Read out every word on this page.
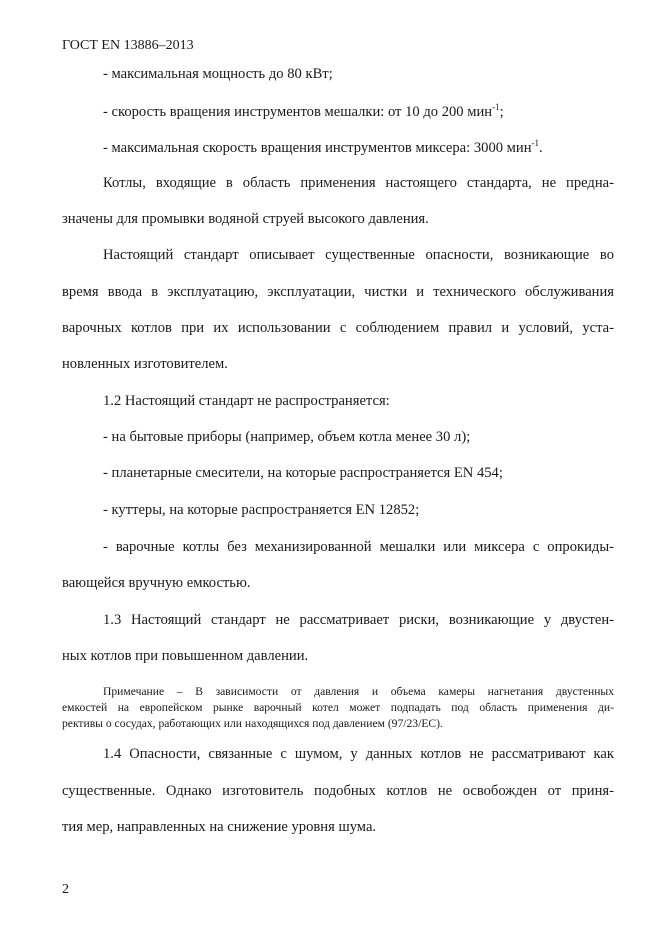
ГОСТ EN 13886–2013
- максимальная мощность до 80 кВт;
- скорость вращения инструментов мешалки: от 10 до 200 мин$^{-1}$;
- максимальная скорость вращения инструментов миксера: 3000 мин$^{-1}$.
Котлы, входящие в область применения настоящего стандарта, не предна-
значены для промывки водяной струей высокого давления.
Настоящий стандарт описывает существенные опасности, возникающие во
время ввода в эксплуатацию, эксплуатации, чистки и технического обслуживания
варочных котлов при их использовании с соблюдением правил и условий, уста-
новленных изготовителем.
1.2 Настоящий стандарт не распространяется:
- на бытовые приборы (например, объем котла менее 30 л);
- планетарные смесители, на которые распространяется EN 454;
- куттеры, на которые распространяется EN 12852;
- варочные котлы без механизированной мешалки или миксера с опрокиды-
вающейся вручную емкостью.
1.3 Настоящий стандарт не рассматривает риски, возникающие у двустен-
ных котлов при повышенном давлении.
Примечание – В зависимости от давления и объема камеры нагнетания двустенных
емкостей на европейском рынке варочный котел может подпадать под область применения ди-
рективы о сосудах, работающих или находящихся под давлением (97/23/EC).
1.4 Опасности, связанные с шумом, у данных котлов не рассматривают как
существенные. Однако изготовитель подобных котлов не освобожден от приня-
тия мер, направленных на снижение уровня шума.
2
